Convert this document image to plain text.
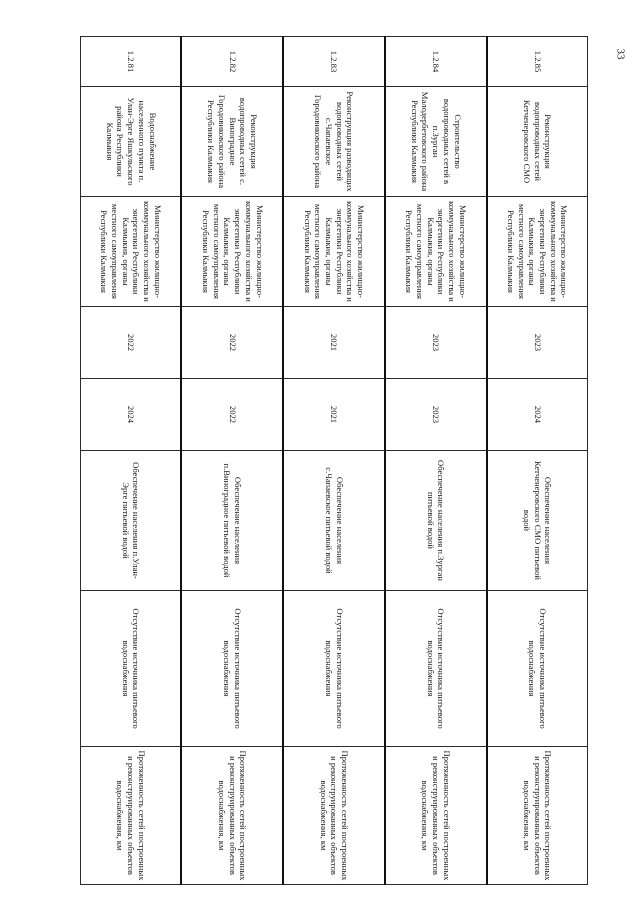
33
1.2.85	Реконструкция водопроводных сетей Кетченеровского СМО	Министерство жилищно-коммунального хозяйства и энергетики Республики Калмыкия, органы местного самоуправления Республики Калмыкия	2023	2024	Обеспечение населения Кетченеровского СМО питьевой водой	Отсутствие источника питьевого водоснабжения	Протяженность сетей построенных и реконструированных объектов водоснабжения, км
1.2.84	Строительство водопроводных сетей в п.Зурган Малодербетовского района Республики Калмыкия	Министерство жилищно-коммунального хозяйства и энергетики Республики Калмыкия, органы местного самоуправления Республики Калмыкия	2023	2023	Обеспечение населения п.Зурган питьевой водой	Отсутствие источника питьевого водоснабжения	Протяженность сетей построенных и реконструированных объектов водоснабжения, км
1.2.83	Реконструкция разводящих водопроводных сетей с.Чапаевское Городовиковского района	Министерство жилищно-коммунального хозяйства и энергетики Республики Калмыкия, органы местного самоуправления Республики Калмыкия	2021	2021	Обеспечение населения с.Чапаевское питьевой водой	Отсутствие источника питьевого водоснабжения	Протяженность сетей построенных и реконструированных объектов водоснабжения, км
1.2.82	Реконструкция водопроводных сетей с. Виноградное Городовиковского района Республики Калмыкия	Министерство жилищно-коммунального хозяйства и энергетики Республики Калмыкия, органы местного самоуправления Республики Калмыкия	2022	2022	Обеспечение населения п.Виноградное питьевой водой	Отсутствие источника питьевого водоснабжения	Протяженность сетей построенных и реконструированных объектов водоснабжения, км
1.2.81	Водоснабжение населенного пункта п. Улан-Эрге Яшкульского района Республики Калмыкия	Министерство жилищно-коммунального хозяйства и энергетики Республики Калмыкия, органы местного самоуправления Республики Калмыкия	2022	2024	Обеспечение населения п.Улан-Эрге питьевой водой	Отсутствие источника питьевого водоснабжения	Протяженность сетей построенных и реконструированных объектов водоснабжения, км
